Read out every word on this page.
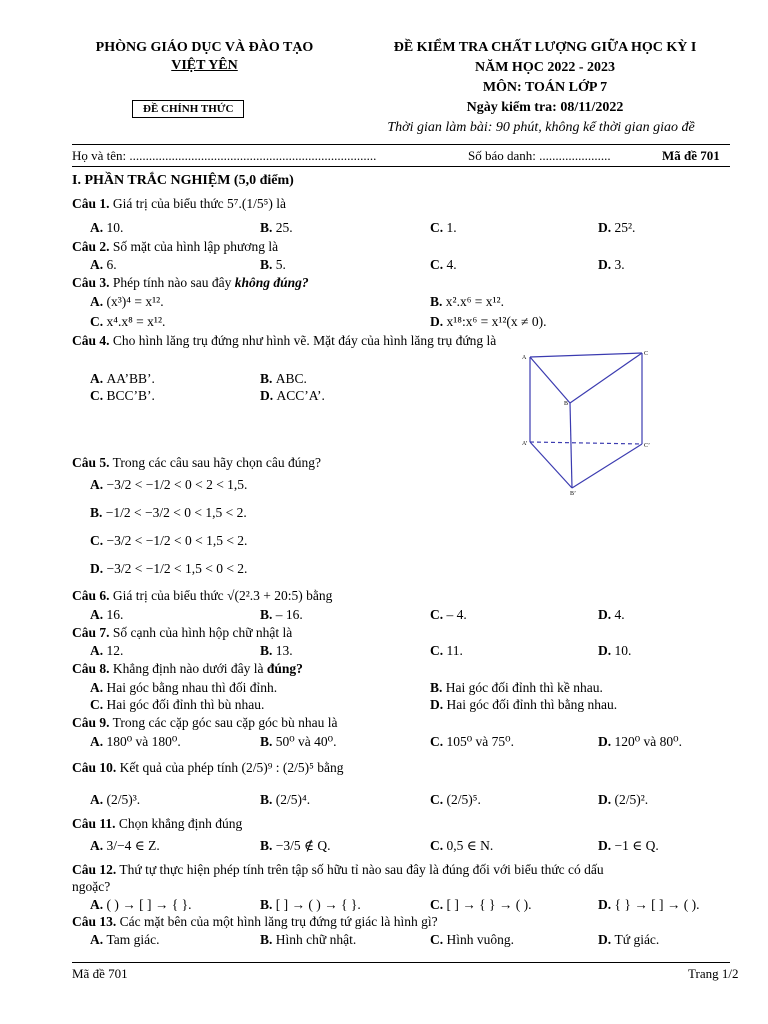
PHÒNG GIÁO DỤC VÀ ĐÀO TẠO
VIỆT YÊN
ĐỀ CHÍNH THỨC
ĐỀ KIỂM TRA CHẤT LƯỢNG GIỮA HỌC KỲ I
NĂM HỌC 2022 - 2023
MÔN: TOÁN LỚP 7
Ngày kiểm tra: 08/11/2022
Thời gian làm bài: 90 phút, không kể thời gian giao đề
Họ và tên: ............................................................................	Số báo danh: ......................	Mã đề 701
I. PHẦN TRẮC NGHIỆM (5,0 điểm)
Câu 1. Giá trị của biểu thức 5⁷.(1/5⁵) là
A. 10.	B. 25.	C. 1.	D. 25².
Câu 2. Số mặt của hình lập phương là
A. 6.	B. 5.	C. 4.	D. 3.
Câu 3. Phép tính nào sau đây không đúng?
A. (x³)⁴ = x¹².	B. x².x⁶ = x¹².
C. x⁴.x⁸ = x¹².	D. x¹⁸:x⁶ = x¹²(x ≠ 0).
Câu 4. Cho hình lăng trụ đứng như hình vẽ. Mặt đáy của hình lăng trụ đứng là
A. AA’BB’.	B. ABC.
C. BCC’B’.	D. ACC’A’.
A
B
C
A’
B’
C’
Câu 5. Trong các câu sau hãy chọn câu đúng?
A. −3/2 < −1/2 < 0 < 2 < 1,5.
B. −1/2 < −3/2 < 0 < 1,5 < 2.
C. −3/2 < −1/2 < 0 < 1,5 < 2.
D. −3/2 < −1/2 < 1,5 < 0 < 2.
Câu 6. Giá trị của biểu thức √(2².3 + 20:5) bằng
A. 16.	B. – 16.	C. – 4.	D. 4.
Câu 7. Số cạnh của hình hộp chữ nhật là
A. 12.	B. 13.	C. 11.	D. 10.
Câu 8. Khẳng định nào dưới đây là đúng?
A. Hai góc bằng nhau thì đối đỉnh.	B. Hai góc đối đỉnh thì kề nhau.
C. Hai góc đối đỉnh thì bù nhau.	D. Hai góc đối đỉnh thì bằng nhau.
Câu 9. Trong các cặp góc sau cặp góc bù nhau là
A. 180⁰ và 180⁰.	B. 50⁰ và 40⁰.	C. 105⁰ và 75⁰.	D. 120⁰ và 80⁰.
Câu 10. Kết quả của phép tính (2/5)⁹ : (2/5)⁵ bằng
A. (2/5)³.	B. (2/5)⁴.	C. (2/5)⁵.	D. (2/5)².
Câu 11. Chọn khẳng định đúng
A. 3/−4 ∈ Z.	B. −3/5 ∉ Q.	C. 0,5 ∈ N.	D. −1 ∈ Q.
Câu 12. Thứ tự thực hiện phép tính trên tập số hữu tỉ nào sau đây là đúng đối với biểu thức có dấu
ngoặc?
A. ( ) → [ ] → { }.	B. [ ] → ( ) → { }.	C. [ ] → { } → ( ).	D. { } → [ ] → ( ).
Câu 13. Các mặt bên của một hình lăng trụ đứng tứ giác là hình gì?
A. Tam giác.	B. Hình chữ nhật.	C. Hình vuông.	D. Tứ giác.
Mã đề 701	Trang 1/2
